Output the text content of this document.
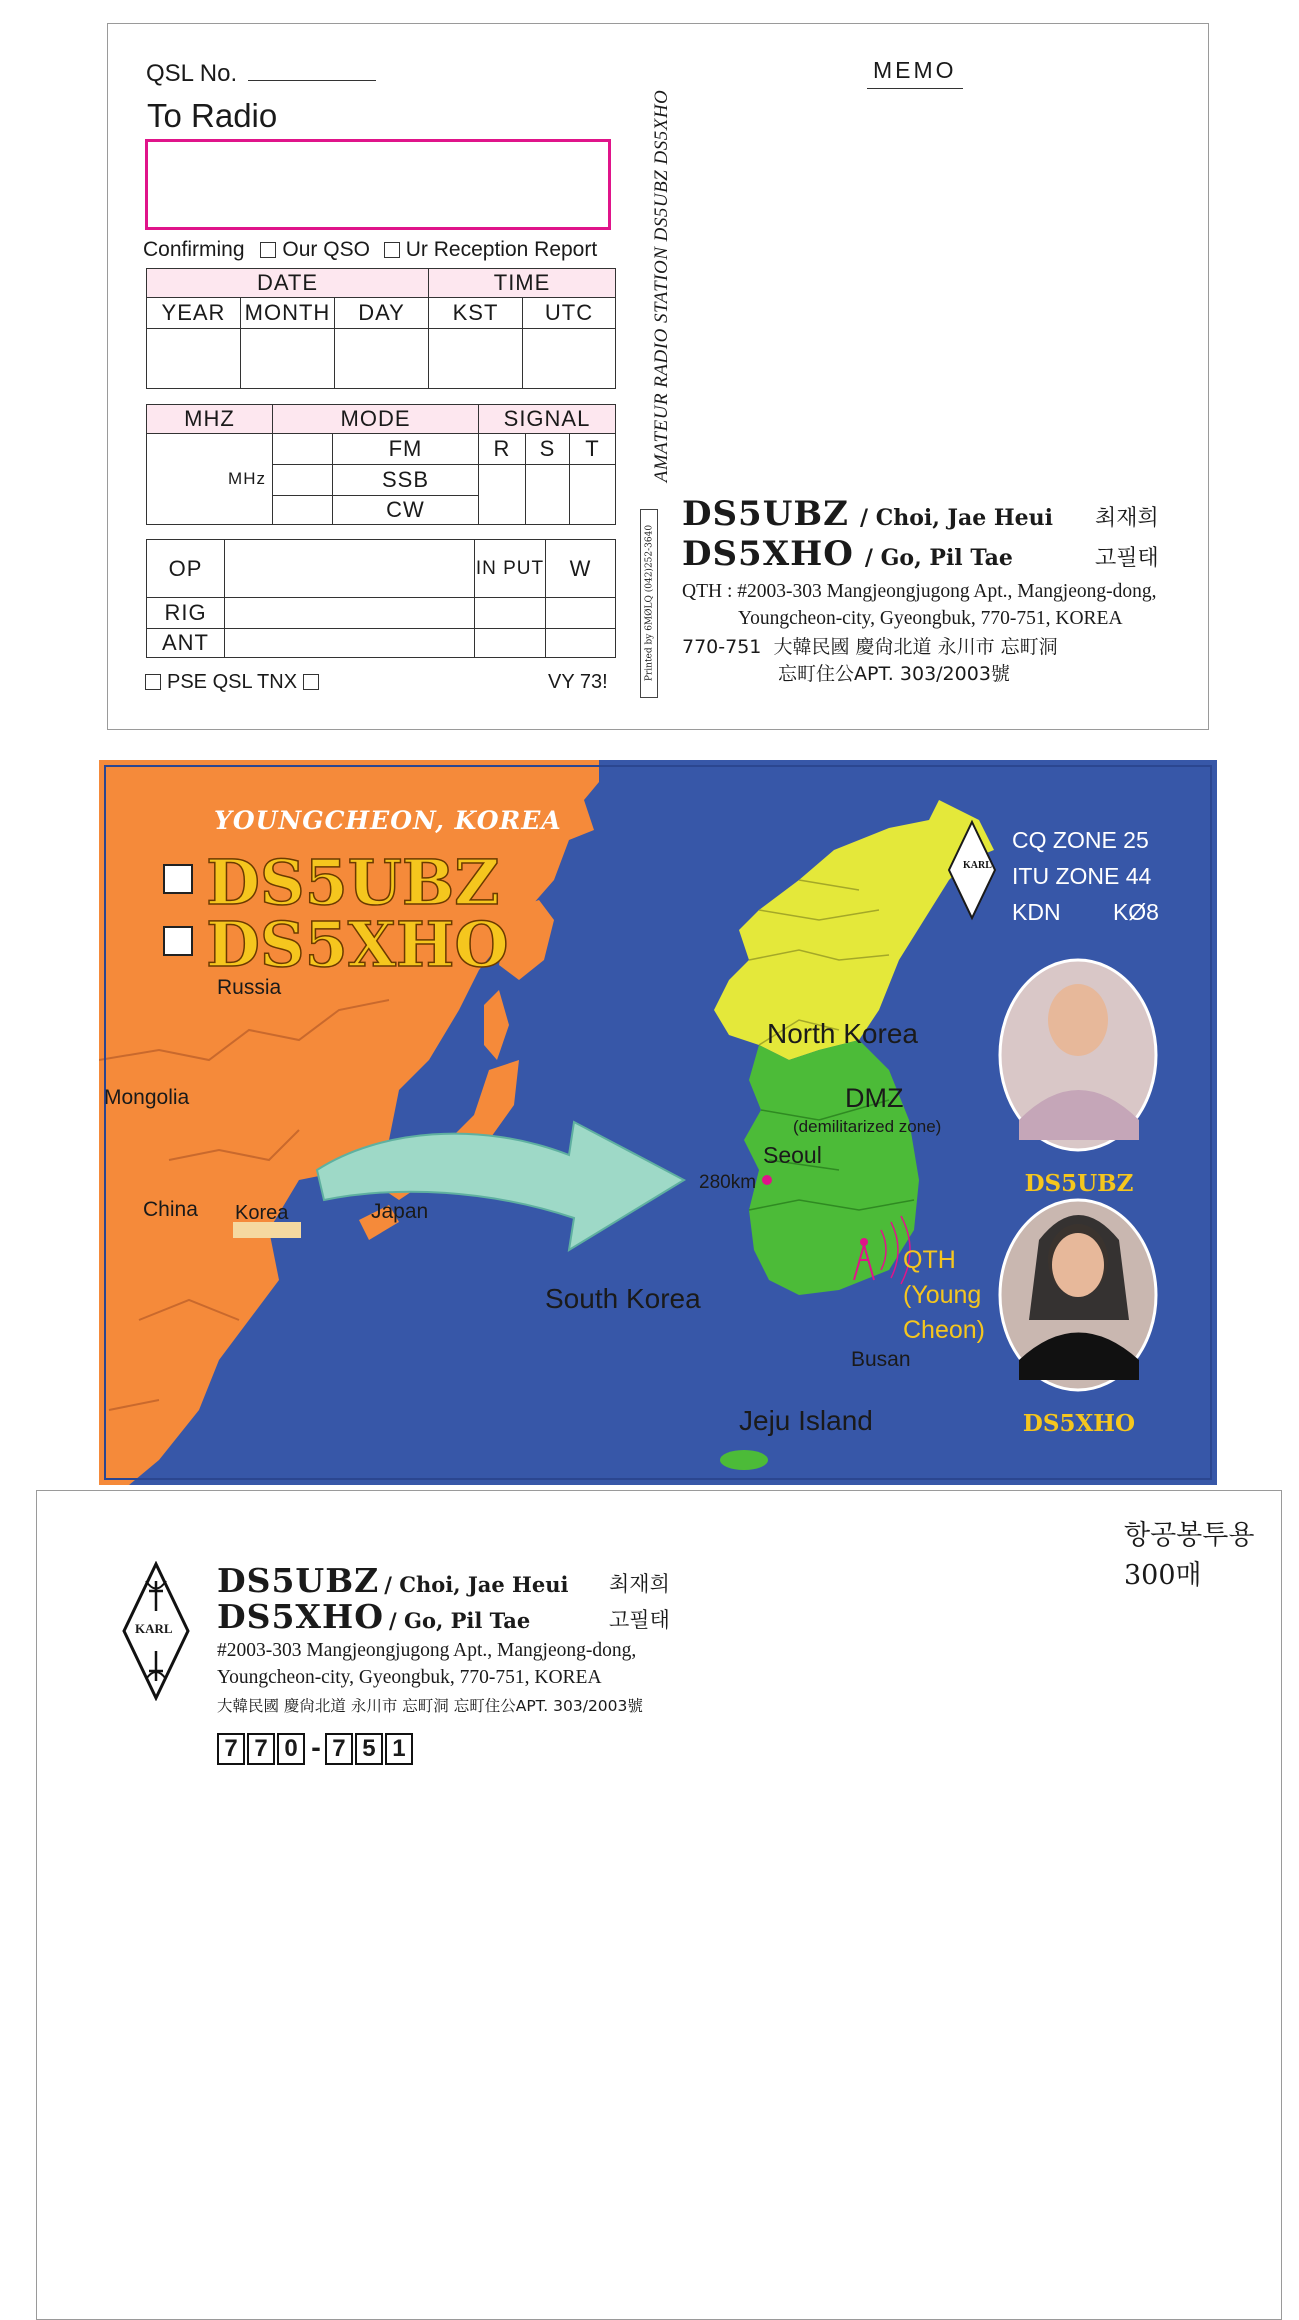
QSL No.
To Radio
Confirming Our QSO Ur Reception Report
DATE			TIME	
YEAR	MONTH	DAY	KST	UTC

MHZ	MODE		SIGNAL		
MHz		FM	R	S	T
		SSB			
		CW			
OP		IN PUT	W
RIG			
ANT			
PSE QSL TNX	VY 73!
AMATEUR RADIO STATION DS5UBZ DS5XHO
Printed by 6MØLQ (042)252-3640
MEMO
DS5UBZ / Choi, Jae Heui 최재희
DS5XHO / Go, Pil Tae	고필태
QTH : #2003-303 Mangjeongjugong Apt., Mangjeong-dong,
Youngcheon-city, Gyeongbuk, 770-751, KOREA
770-751 大韓民國 慶尙北道 永川市 忘町洞
忘町住公APT. 303/2003號
YOUNGCHEON, KOREA
DS5UBZ
DS5XHO
KARL
CQ ZONE 25
ITU ZONE 44
KDN KØ8
Russia
Mongolia
China Korea	Japan
North Korea
DMZ
(demilitarized zone)
Seoul
280km
South Korea
Busan
Jeju Island
QTH
(Young
Cheon)
DS5UBZ
DS5XHO
항공봉투용
300매
KARL
DS5UBZ / Choi, Jae Heui 최재희
DS5XHO / Go, Pil Tae	고필태
#2003-303 Mangjeongjugong Apt., Mangjeong-dong,
Youngcheon-city, Gyeongbuk, 770-751, KOREA
大韓民國 慶尙北道 永川市 忘町洞 忘町住公APT. 303/2003號
7 7 0 - 7 5 1
